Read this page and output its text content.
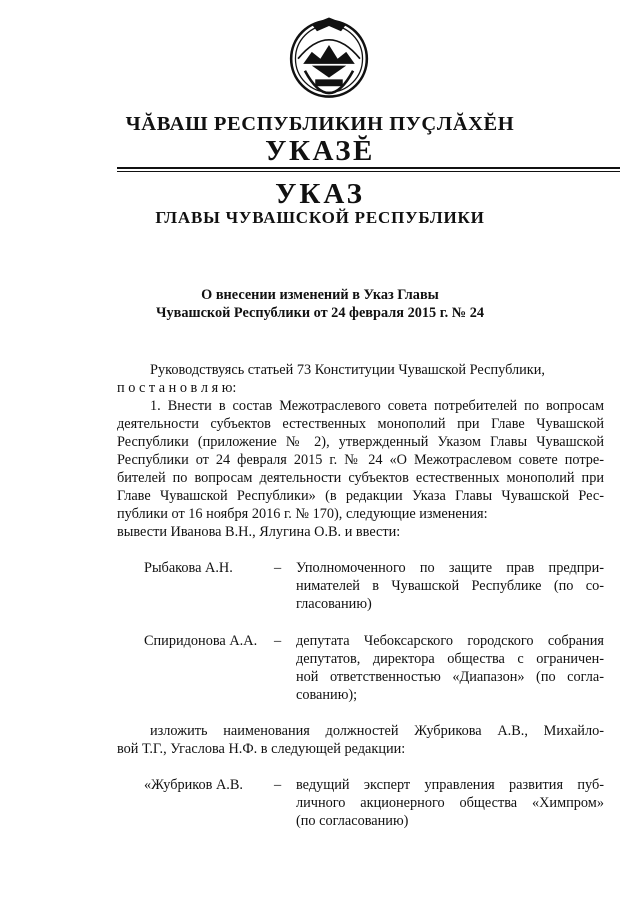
ЧĂВАШ РЕСПУБЛИКИН ПУÇЛĂХĔН
УКАЗĔ
УКАЗ
ГЛАВЫ ЧУВАШСКОЙ РЕСПУБЛИКИ
О внесении изменений в Указ Главы
Чувашской Республики от 24 февраля 2015 г. № 24
Руководствуясь статьей 73 Конституции Чувашской Республики,
п о с т а н о в л я ю:
1. Внести в состав Межотраслевого совета потребителей по вопросам
деятельности субъектов естественных монополий при Главе Чувашской
Республики (приложение № 2), утвержденный Указом Главы Чувашской
Республики от 24 февраля 2015 г. № 24 «О Межотраслевом совете потре-
бителей по вопросам деятельности субъектов естественных монополий при
Главе Чувашской Республики» (в редакции Указа Главы Чувашской Рес-
публики от 16 ноября 2016 г. № 170), следующие изменения:
вывести Иванова В.Н., Ялугина О.В. и ввести:
Рыбакова А.Н.	– Уполномоченного по защите прав предпри-
нимателей в Чувашской Республике (по со-
гласованию)
Спиридонова А.А. – депутата Чебоксарского городского собрания
депутатов, директора общества с ограничен-
ной ответственностью «Диапазон» (по согла-
сованию);
изложить наименования должностей Жубрикова А.В., Михайло-
вой Т.Г., Угаслова Н.Ф. в следующей редакции:
«Жубриков А.В. – ведущий эксперт управления развития пуб-
личного акционерного общества «Химпром»
(по согласованию)
